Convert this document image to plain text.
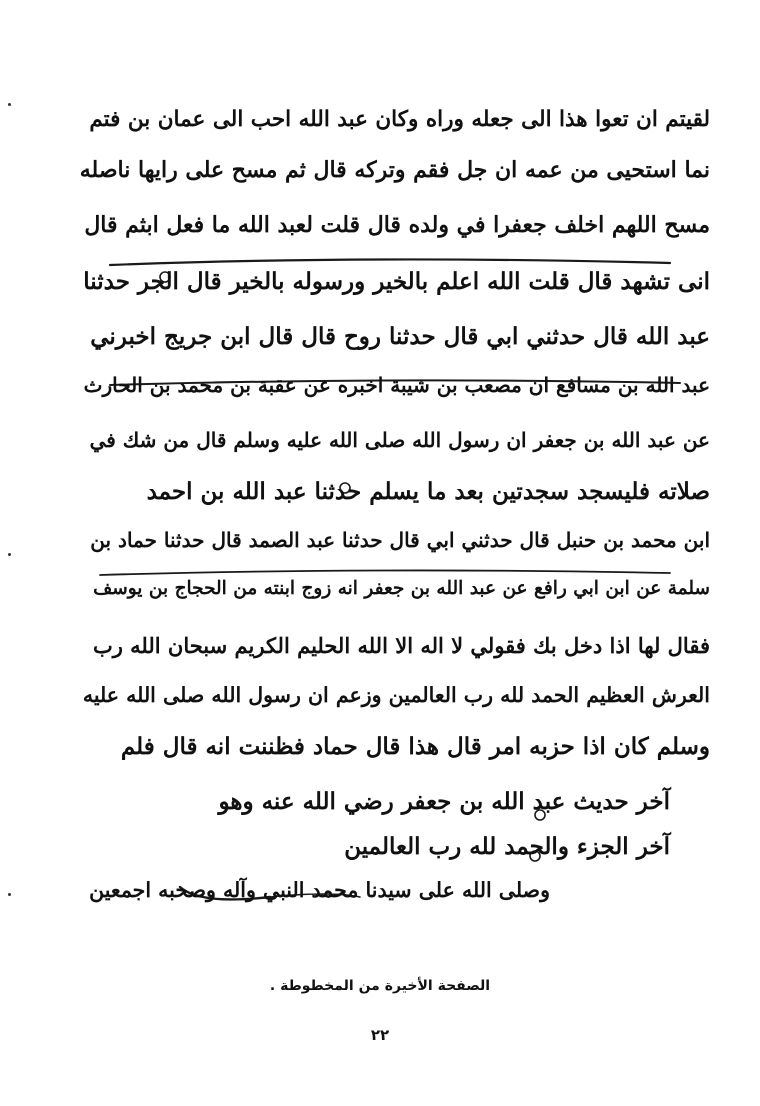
لقيتم ان تعوا هذا الى جعله وراه وكان عبد الله احب الى عمان بن فتم
نما استحيى من عمه ان جل فقم وتركه قال ثم مسح على رايها ناصله
مسح اللهم اخلف جعفرا في ولده قال قلت لعبد الله ما فعل ابثم قال
انى تشهد قال قلت الله اعلم بالخير ورسوله بالخير قال الجر حدثنا
عبد الله قال حدثني ابي قال حدثنا روح قال قال ابن جريج اخبرني
عبد الله بن مسافع ان مصعب بن شيبة اخبره عن عقبة بن محمد بن الحارث
عن عبد الله بن جعفر ان رسول الله صلى الله عليه وسلم قال من شك في
صلاته فليسجد سجدتين بعد ما يسلم حدثنا عبد الله بن احمد
ابن محمد بن حنبل قال حدثني ابي قال حدثنا عبد الصمد قال حدثنا حماد بن
سلمة عن ابن ابي رافع عن عبد الله بن جعفر انه زوج ابنته من الحجاج بن يوسف
فقال لها اذا دخل بك فقولي لا اله الا الله الحليم الكريم سبحان الله رب
العرش العظيم الحمد لله رب العالمين وزعم ان رسول الله صلى الله عليه
وسلم كان اذا حزبه امر قال هذا قال حماد فظننت انه قال فلم
آخر حديث عبد الله بن جعفر رضي الله عنه وهو
آخر الجزء والحمد لله رب العالمين
وصلى الله على سيدنا محمد النبي وآله وصحبه اجمعين
الصفحة الأخيرة من المخطوطة .
٢٢
